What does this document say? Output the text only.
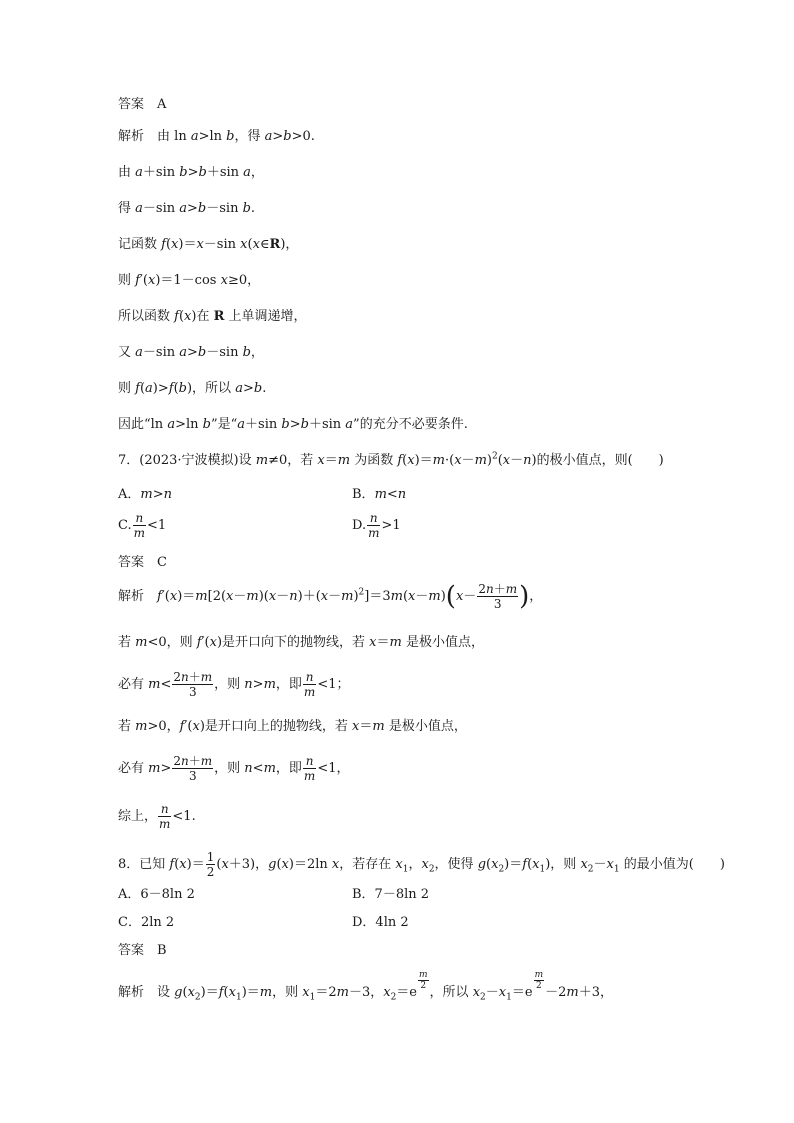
答案　 A
解析　 由 ln a>ln b，得 a>b>0.
由 a＋sin b>b＋sin a，
得 a－sin a>b－sin b.
记函数 f(x)＝x－sin x(x∈R)，
则 f′(x)＝1－cos x≥0，
所以函数 f(x)在 R 上单调递增，
又 a－sin a>b－sin b，
则 f(a)>f(b)，所以 a>b.
因此“ln a>ln b”是“a＋sin b>b＋sin a”的充分不必要条件.
7．(2023·宁波模拟)设 m≠0，若 x＝m 为函数 $f(x)=m\cdot(x-m)^2(x-n)$的极小值点，则(　　)
A．m>n	B．m<n
C. $\frac{n}{m} <1$	D. $\frac{n}{m} >1$
答案　 C
解析　 $f'(x)=m[2(x-m)(x-n)+(x-m)^2]=3m(x-m)(x- \frac{2n+m}{3}$ )，
若 m<0，则 f′(x)是开口向下的抛物线，若 x＝m 是极小值点，
必有 $m< \frac{2n+m}{3}$ ，则 n>m，即 $\frac{n}{m} <1$；
若 m>0，f′(x)是开口向上的抛物线，若 x＝m 是极小值点，
必有 $m> \frac{2n+m}{3}$ ，则 n<m，即 $\frac{n}{m} <1$，
综上， $\frac{n}{m} <1$.
8．已知 $f(x)= \frac{1}{2} (x+3)$，g(x)＝2ln x，若存在 $x_1$，$x_2$，使得 $g(x_2)=f(x_1)$，则 $x_2-x_1$ 的最小值为(　　)
A．6－8ln 2	B．7－8ln 2
C．2ln 2	D．4ln 2
答案　 B
解析　 设 $g(x_2)=f(x_1)=m$，则 $x_1=2m-3$，$x_2=e$
$\frac{m}{2}$
，所以 $x_2-x_1=e$
$\frac{m}{2}$
－2m＋3，
